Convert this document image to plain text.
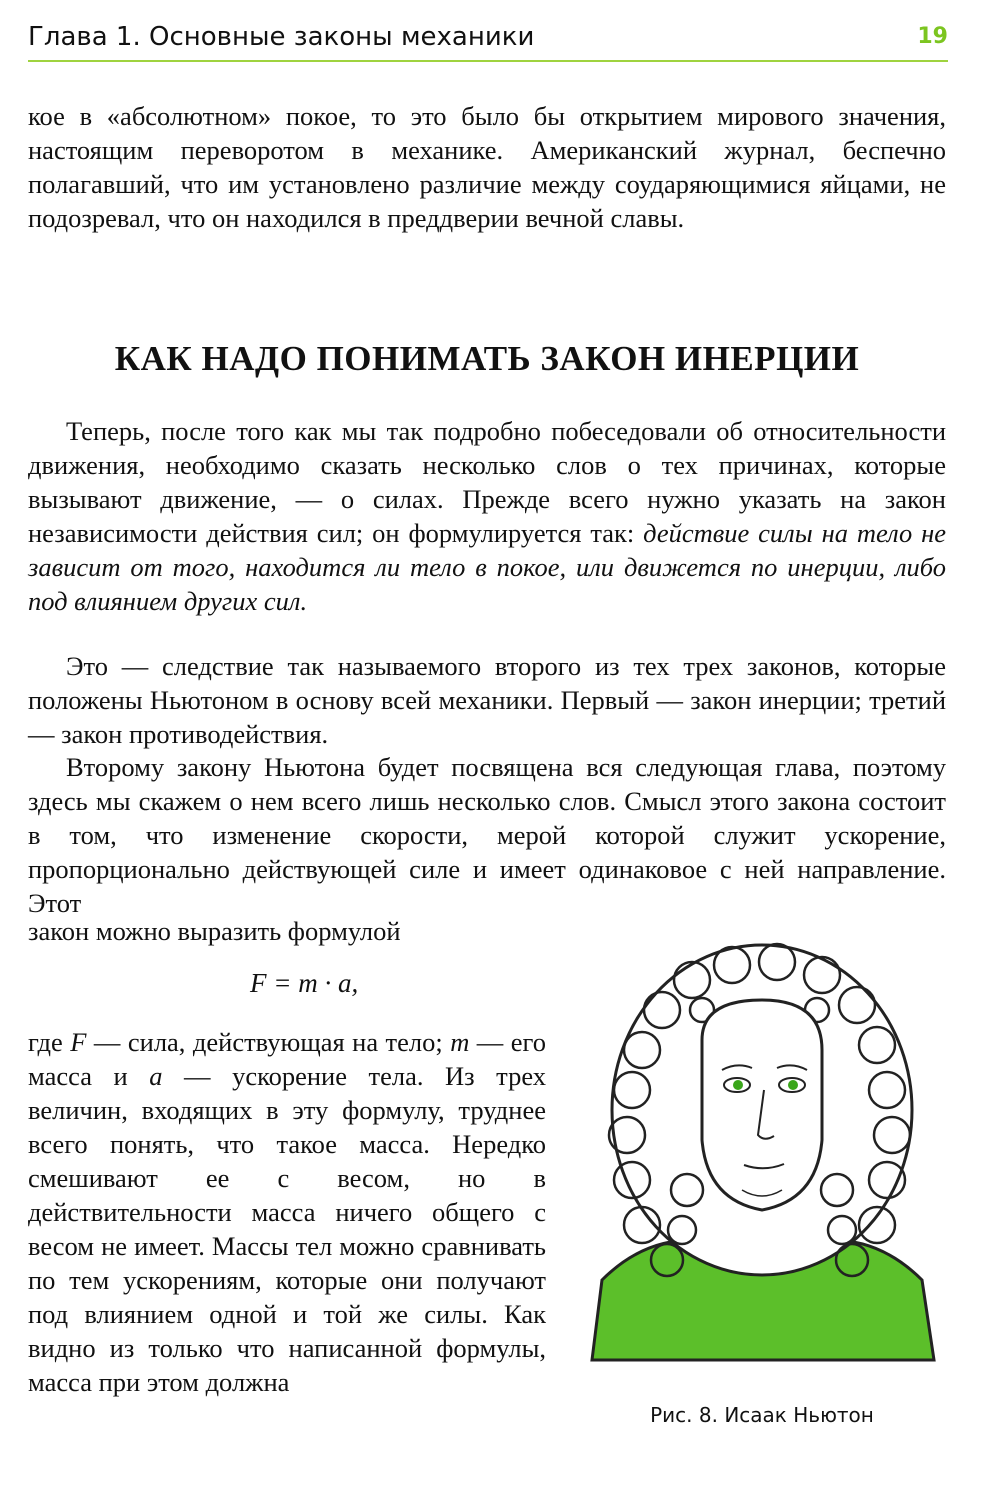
Глава 1. Основные законы механики	19
кое в «абсолютном» покое, то это было бы открытием мирового значения, настоящим переворотом в механике. Американский журнал, беспечно полагавший, что им установлено различие между соударяющимися яйцами, не подозревал, что он находился в преддверии вечной славы.
КАК НАДО ПОНИМАТЬ ЗАКОН ИНЕРЦИИ
Теперь, после того как мы так подробно побеседовали об относительности движения, необходимо сказать несколько слов о тех причинах, которые вызывают движение, — о силах. Прежде всего нужно указать на закон независимости действия сил; он формулируется так: действие силы на тело не зависит от того, находится ли тело в покое, или движется по инерции, либо под влиянием других сил.
Это — следствие так называемого второго из тех трех законов, которые положены Ньютоном в основу всей механики. Первый — закон инерции; третий — закон противодействия.
Второму закону Ньютона будет посвящена вся следующая глава, поэтому здесь мы скажем о нем всего лишь несколько слов. Смысл этого закона состоит в том, что изменение скорости, мерой которой служит ускорение, пропорционально действующей силе и имеет одинаковое с ней направление. Этот
закон можно выразить формулой
F = m · a,
где F — сила, действующая на тело; m — его масса и a — ускорение тела. Из трех величин, входящих в эту формулу, труднее всего понять, что такое масса. Нередко смешивают ее с весом, но в действительности масса ничего общего с весом не имеет. Массы тел можно сравнивать по тем ускорениям, которые они получают под влиянием одной и той же силы. Как видно из только что написанной формулы, масса при этом должна
Рис. 8. Исаак Ньютон
